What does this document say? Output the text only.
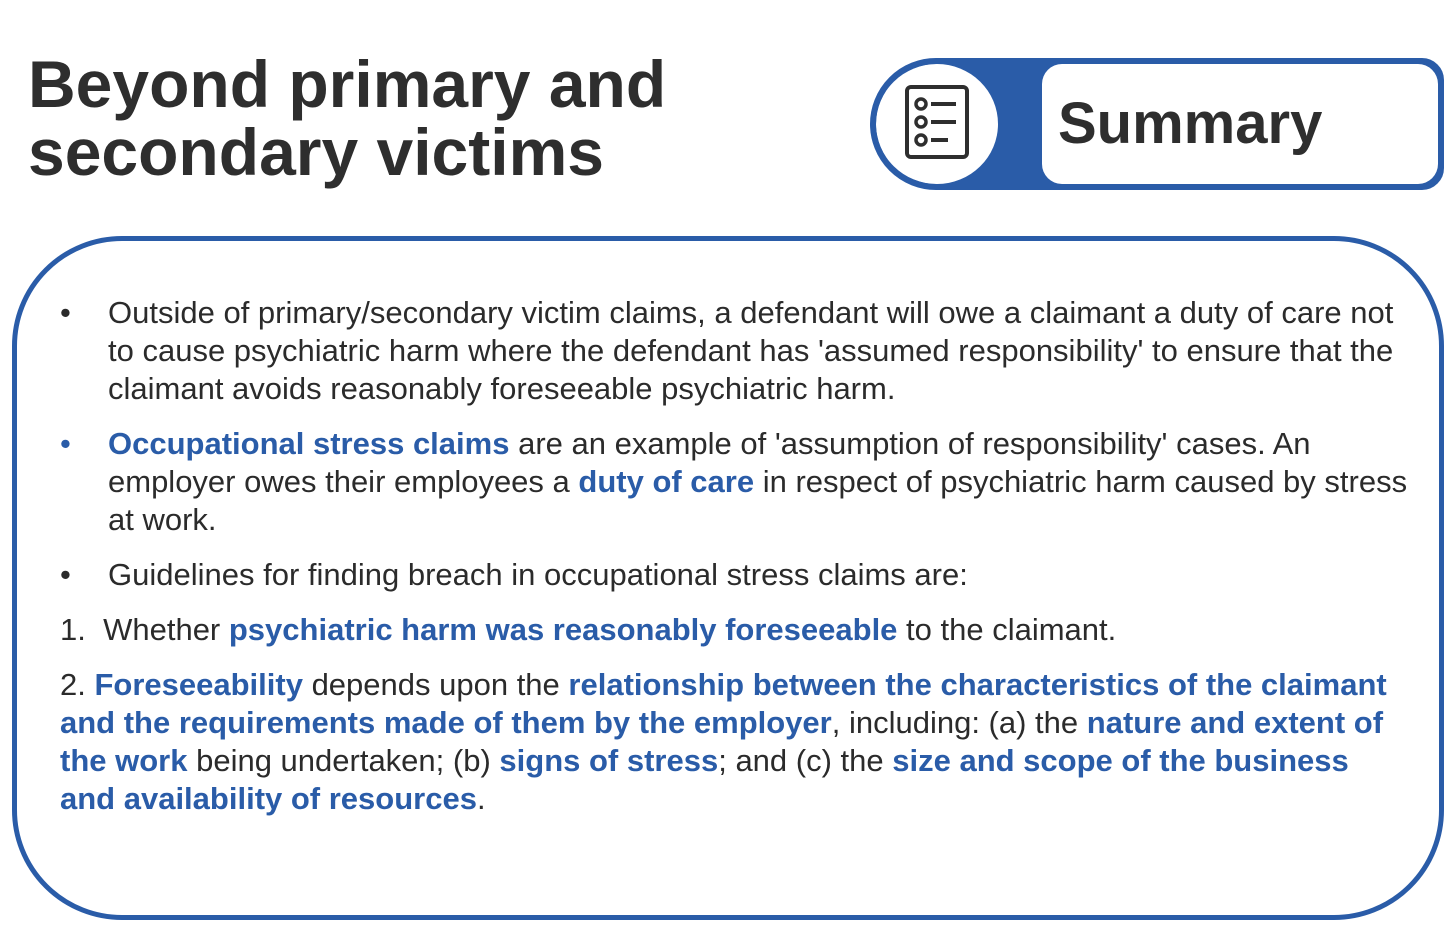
Beyond primary and
secondary victims	Summary
• Outside of primary/secondary victim claims, a defendant will owe a claimant a duty of care not to cause psychiatric harm where the defendant has 'assumed responsibility' to ensure that the claimant avoids reasonably foreseeable psychiatric harm.
• Occupational stress claims are an example of 'assumption of responsibility' cases. An employer owes their employees a duty of care in respect of psychiatric harm caused by stress at work.
• Guidelines for finding breach in occupational stress claims are:
1.  Whether psychiatric harm was reasonably foreseeable to the claimant.
2. Foreseeability depends upon the relationship between the characteristics of the claimant and the requirements made of them by the employer, including: (a) the nature and extent of the work being undertaken; (b) signs of stress; and (c) the size and scope of the business and availability of resources.
